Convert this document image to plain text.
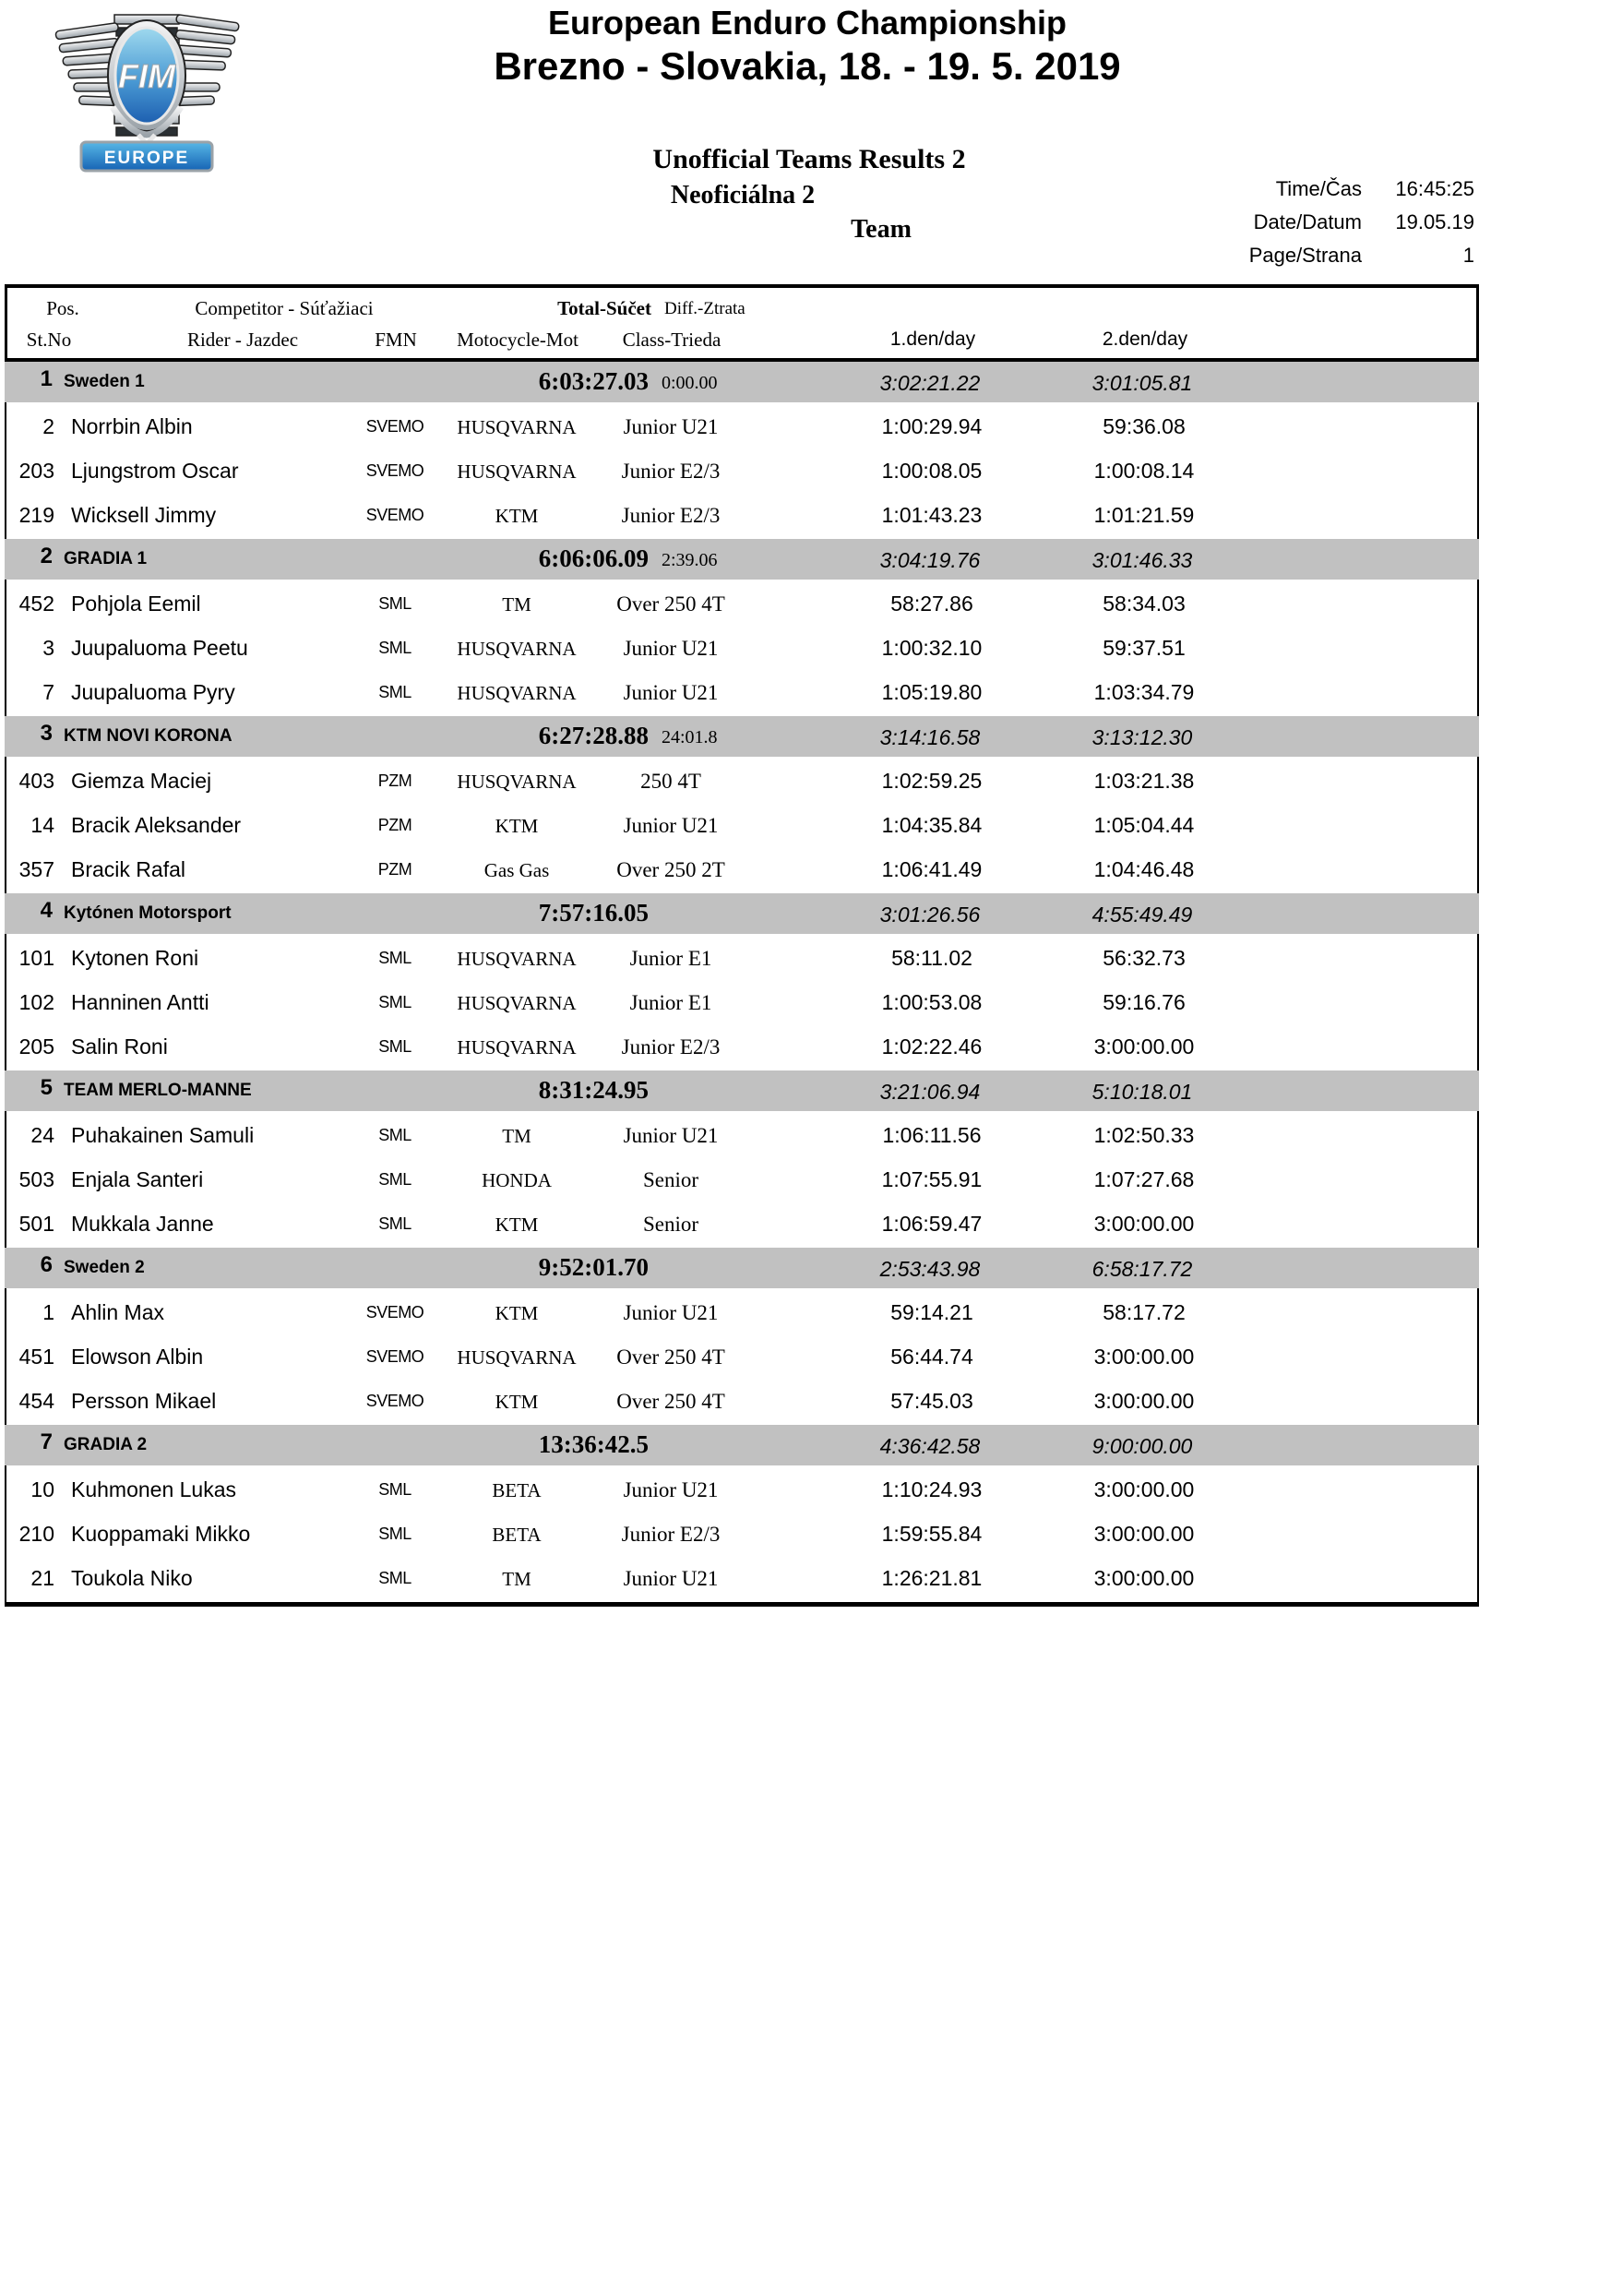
FIM
EUROPE
European Enduro Championship
Brezno - Slovakia, 18. - 19. 5. 2019
Unofficial Teams Results 2
Neoficiálna 2
Team
Time/Čas	16:45:25
Date/Datum	19.05.19
Page/Strana	1
Pos.	Competitor - Súťažiaci	Total-Súčet Diff.-Ztrata
St.No	Rider - Jazdec	FMN	Motocycle-Mot	Class-Trieda	1.den/day	2.den/day
1 Sweden 1	6:03:27.03 0:00.00	3:02:21.22	3:01:05.81
2 Norrbin Albin	SVEMO	HUSQVARNA	Junior U21	1:00:29.94	59:36.08
203 Ljungstrom Oscar	SVEMO	HUSQVARNA	Junior E2/3	1:00:08.05	1:00:08.14
219 Wicksell Jimmy	SVEMO	KTM	Junior E2/3	1:01:43.23	1:01:21.59
2 GRADIA 1	6:06:06.09 2:39.06	3:04:19.76	3:01:46.33
452 Pohjola Eemil	SML	TM	Over 250 4T	58:27.86	58:34.03
3 Juupaluoma Peetu	SML	HUSQVARNA	Junior U21	1:00:32.10	59:37.51
7 Juupaluoma Pyry	SML	HUSQVARNA	Junior U21	1:05:19.80	1:03:34.79
3 KTM NOVI KORONA	6:27:28.88 24:01.8	3:14:16.58	3:13:12.30
403 Giemza Maciej	PZM	HUSQVARNA	250 4T	1:02:59.25	1:03:21.38
14 Bracik Aleksander	PZM	KTM	Junior U21	1:04:35.84	1:05:04.44
357 Bracik Rafal	PZM	Gas Gas	Over 250 2T	1:06:41.49	1:04:46.48
4 Kytónen Motorsport	7:57:16.05	3:01:26.56	4:55:49.49
101 Kytonen Roni	SML	HUSQVARNA	Junior E1	58:11.02	56:32.73
102 Hanninen Antti	SML	HUSQVARNA	Junior E1	1:00:53.08	59:16.76
205 Salin Roni	SML	HUSQVARNA	Junior E2/3	1:02:22.46	3:00:00.00
5 TEAM MERLO-MANNE	8:31:24.95	3:21:06.94	5:10:18.01
24 Puhakainen Samuli	SML	TM	Junior U21	1:06:11.56	1:02:50.33
503 Enjala Santeri	SML	HONDA	Senior	1:07:55.91	1:07:27.68
501 Mukkala Janne	SML	KTM	Senior	1:06:59.47	3:00:00.00
6 Sweden 2	9:52:01.70	2:53:43.98	6:58:17.72
1 Ahlin Max	SVEMO	KTM	Junior U21	59:14.21	58:17.72
451 Elowson Albin	SVEMO	HUSQVARNA	Over 250 4T	56:44.74	3:00:00.00
454 Persson Mikael	SVEMO	KTM	Over 250 4T	57:45.03	3:00:00.00
7 GRADIA 2	13:36:42.5	4:36:42.58	9:00:00.00
10 Kuhmonen Lukas	SML	BETA	Junior U21	1:10:24.93	3:00:00.00
210 Kuoppamaki Mikko	SML	BETA	Junior E2/3	1:59:55.84	3:00:00.00
21 Toukola Niko	SML	TM	Junior U21	1:26:21.81	3:00:00.00
